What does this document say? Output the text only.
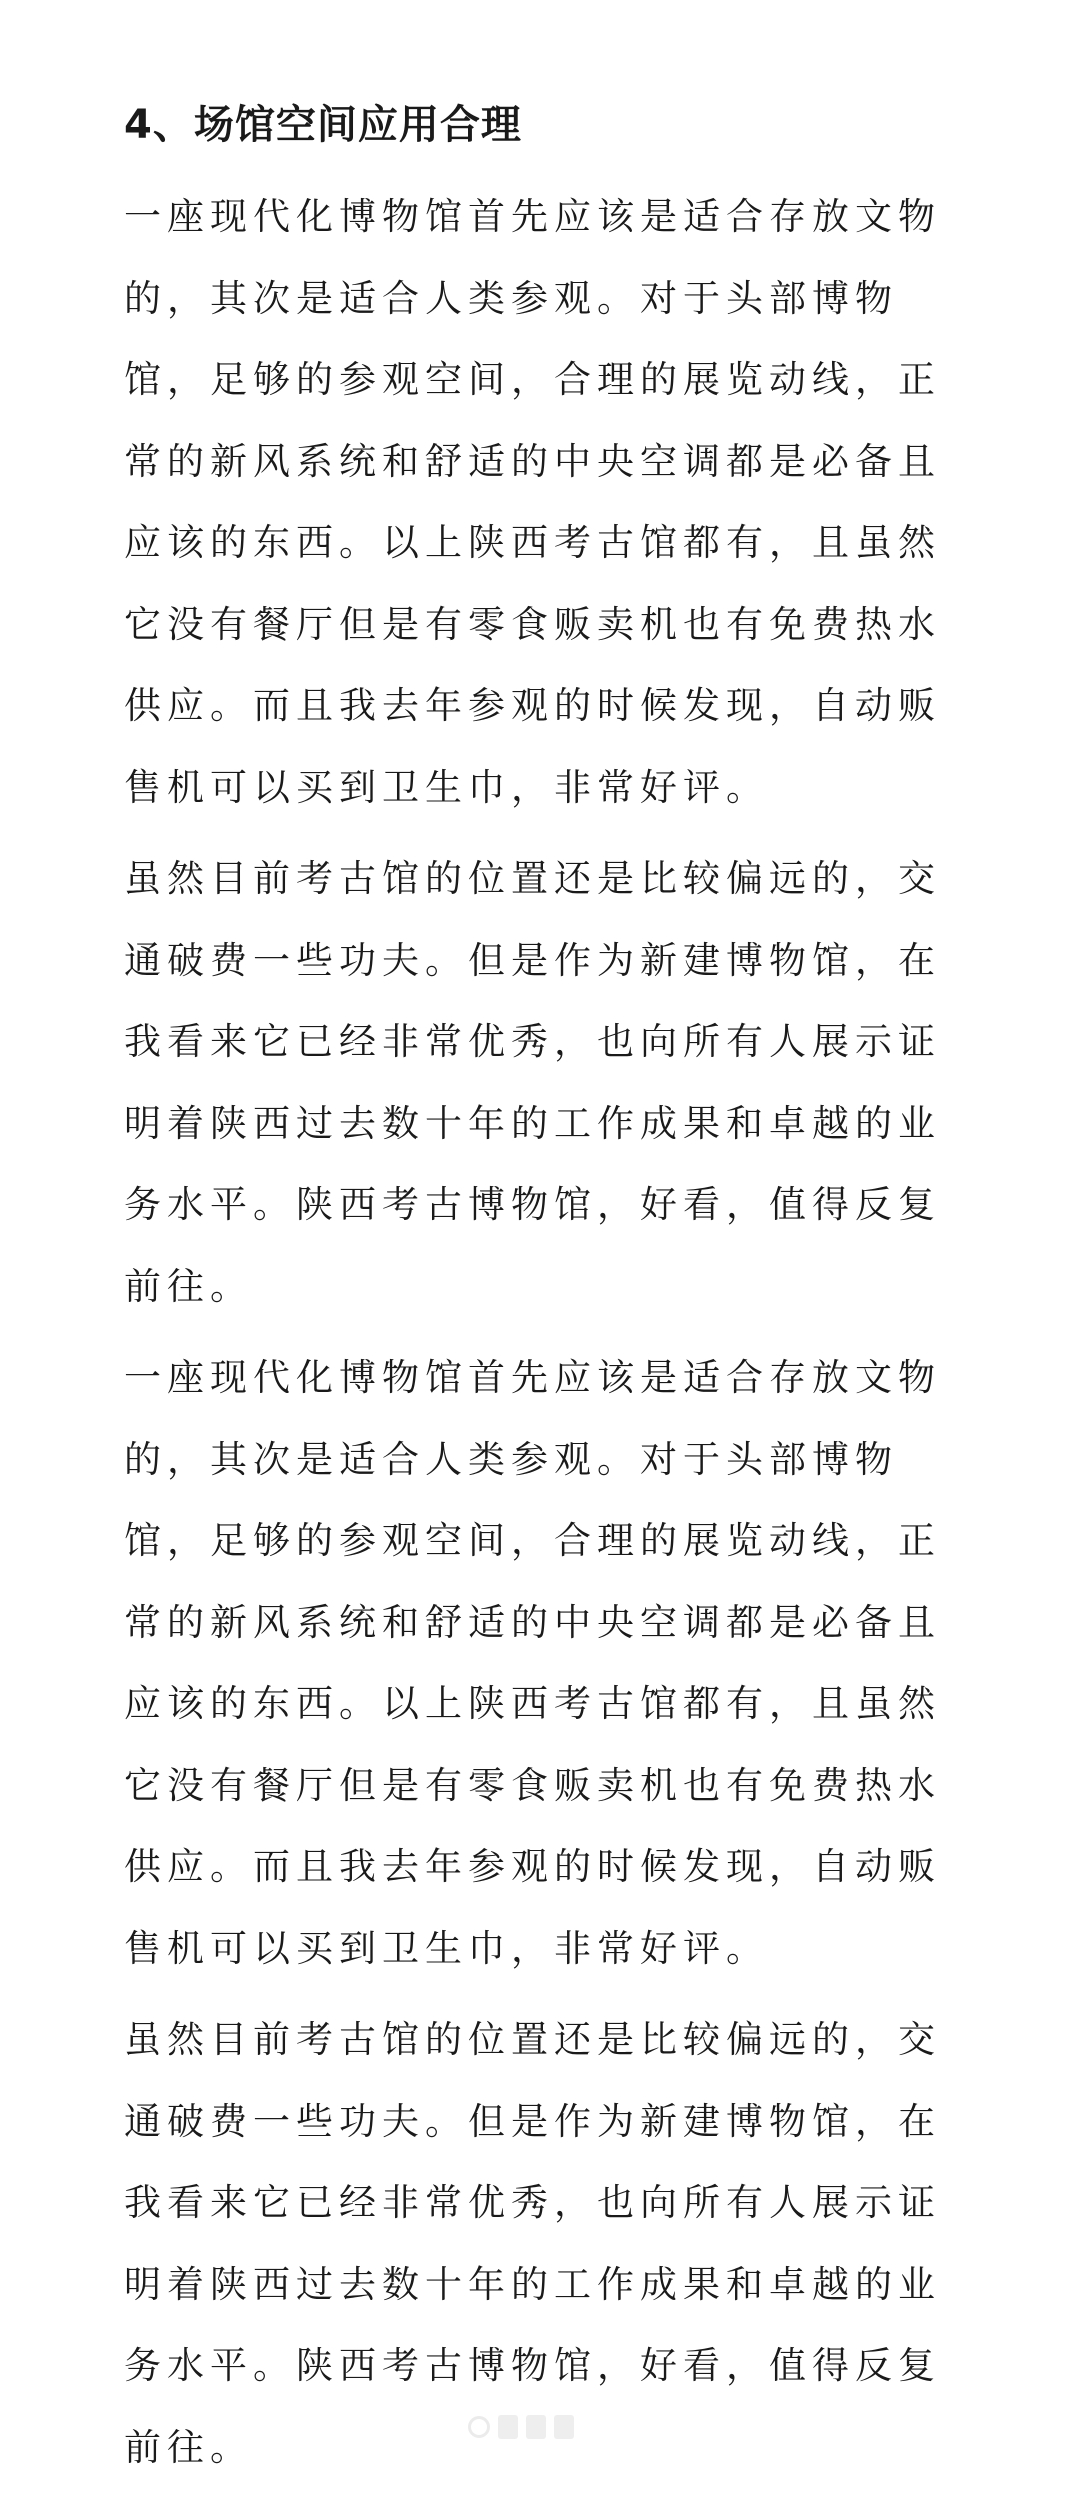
4、场馆空间应用合理
一座现代化博物馆首先应该是适合存放文物
的，其次是适合人类参观。对于头部博物
馆，足够的参观空间，合理的展览动线，正
常的新风系统和舒适的中央空调都是必备且
应该的东西。以上陕西考古馆都有，且虽然
它没有餐厅但是有零食贩卖机也有免费热水
供应。而且我去年参观的时候发现，自动贩
售机可以买到卫生巾，非常好评。
虽然目前考古馆的位置还是比较偏远的，交
通破费一些功夫。但是作为新建博物馆，在
我看来它已经非常优秀，也向所有人展示证
明着陕西过去数十年的工作成果和卓越的业
务水平。陕西考古博物馆，好看，值得反复
前往。
一座现代化博物馆首先应该是适合存放文物
的，其次是适合人类参观。对于头部博物
馆，足够的参观空间，合理的展览动线，正
常的新风系统和舒适的中央空调都是必备且
应该的东西。以上陕西考古馆都有，且虽然
它没有餐厅但是有零食贩卖机也有免费热水
供应。而且我去年参观的时候发现，自动贩
售机可以买到卫生巾，非常好评。
虽然目前考古馆的位置还是比较偏远的，交
通破费一些功夫。但是作为新建博物馆，在
我看来它已经非常优秀，也向所有人展示证
明着陕西过去数十年的工作成果和卓越的业
务水平。陕西考古博物馆，好看，值得反复
前往。
